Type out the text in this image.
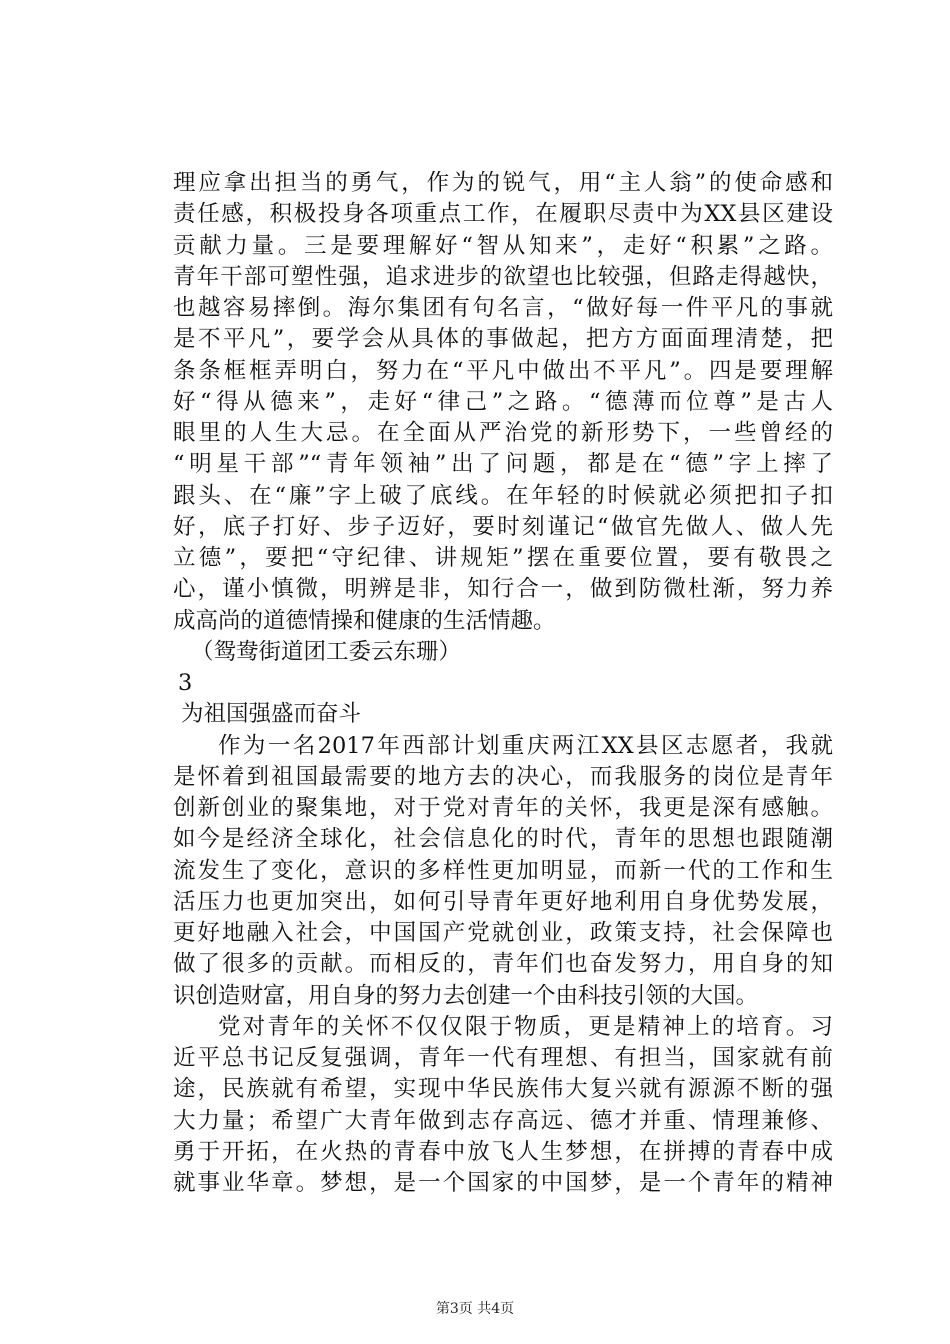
理应拿出担当的勇气，作为的锐气，用“主人翁”的使命感和
责任感，积极投身各项重点工作，在履职尽责中为XX县区建设
贡献力量。三是要理解好“智从知来”，走好“积累”之路。
青年干部可塑性强，追求进步的欲望也比较强，但路走得越快，
也越容易摔倒。海尔集团有句名言，“做好每一件平凡的事就
是不平凡”，要学会从具体的事做起，把方方面面理清楚，把
条条框框弄明白，努力在“平凡中做出不平凡”。四是要理解
好“得从德来”，走好“律己”之路。“德薄而位尊”是古人
眼里的人生大忌。在全面从严治党的新形势下，一些曾经的
“明星干部”“青年领袖”出了问题，都是在“德”字上摔了
跟头、在“廉”字上破了底线。在年轻的时候就必须把扣子扣
好，底子打好、步子迈好，要时刻谨记“做官先做人、做人先
立德”，要把“守纪律、讲规矩”摆在重要位置，要有敬畏之
心，谨小慎微，明辨是非，知行合一，做到防微杜渐，努力养
成高尚的道德情操和健康的生活情趣。
（鸳鸯街道团工委云东珊）
3
为祖国强盛而奋斗
作为一名2017年西部计划重庆两江XX县区志愿者，我就
是怀着到祖国最需要的地方去的决心，而我服务的岗位是青年
创新创业的聚集地，对于党对青年的关怀，我更是深有感触。
如今是经济全球化，社会信息化的时代，青年的思想也跟随潮
流发生了变化，意识的多样性更加明显，而新一代的工作和生
活压力也更加突出，如何引导青年更好地利用自身优势发展，
更好地融入社会，中国国产党就创业，政策支持，社会保障也
做了很多的贡献。而相反的，青年们也奋发努力，用自身的知
识创造财富，用自身的努力去创建一个由科技引领的大国。
党对青年的关怀不仅仅限于物质，更是精神上的培育。习
近平总书记反复强调，青年一代有理想、有担当，国家就有前
途，民族就有希望，实现中华民族伟大复兴就有源源不断的强
大力量；希望广大青年做到志存高远、德才并重、情理兼修、
勇于开拓，在火热的青春中放飞人生梦想，在拼搏的青春中成
就事业华章。梦想，是一个国家的中国梦，是一个青年的精神
第3页 共4页
